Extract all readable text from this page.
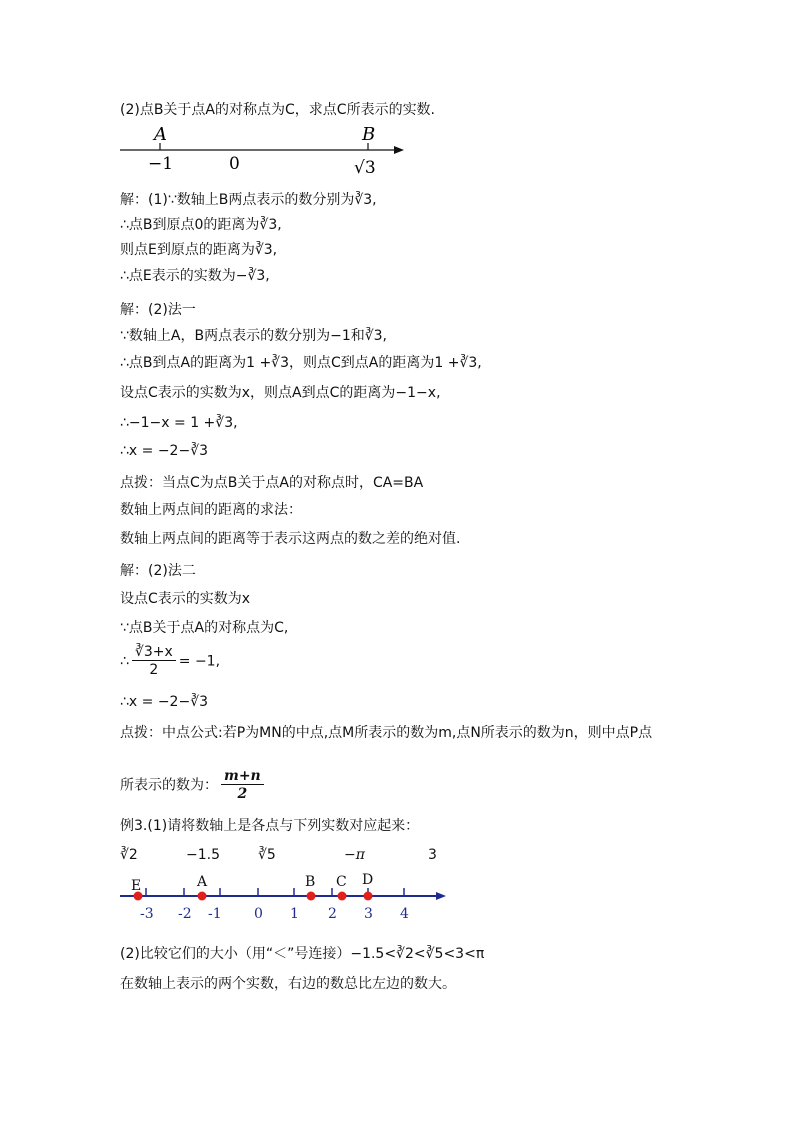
(2)点B关于点A的对称点为C，求点C所表示的实数.
A	B
−1	0	√3
解：(1)∵数轴上B两点表示的数分别为∛3,
∴点B到原点0的距离为∛3,
则点E到原点的距离为∛3,
∴点E表示的实数为−∛3,
解：(2)法一
∵数轴上A，B两点表示的数分别为−1和∛3,
∴点B到点A的距离为1 +∛3，则点C到点A的距离为1 +∛3,
设点C表示的实数为x，则点A到点C的距离为−1−x,
∴−1−x = 1 +∛3,
∴x = −2−∛3
点拨：当点C为点B关于点A的对称点时，CA=BA
数轴上两点间的距离的求法：
数轴上两点间的距离等于表示这两点的数之差的绝对值.
解：(2)法二
设点C表示的实数为x
∵点B关于点A的对称点为C,
∴ $\frac{∛3+x}{2} = -1$,
∴x = −2−∛3
点拨：中点公式:若P为MN的中点,点M所表示的数为m,点N所表示的数为n，则中点P点
所表示的数为： $\frac{m+n}{2}$
例3.(1)请将数轴上是各点与下列实数对应起来：
∛2	−1.5	∛5	−π	3
-3 -2 -1 0 1 2 3 4
E	A	B C D
(2)比较它们的大小（用“＜”号连接）−1.5<∛2<∛5<3<π
在数轴上表示的两个实数，右边的数总比左边的数大。
